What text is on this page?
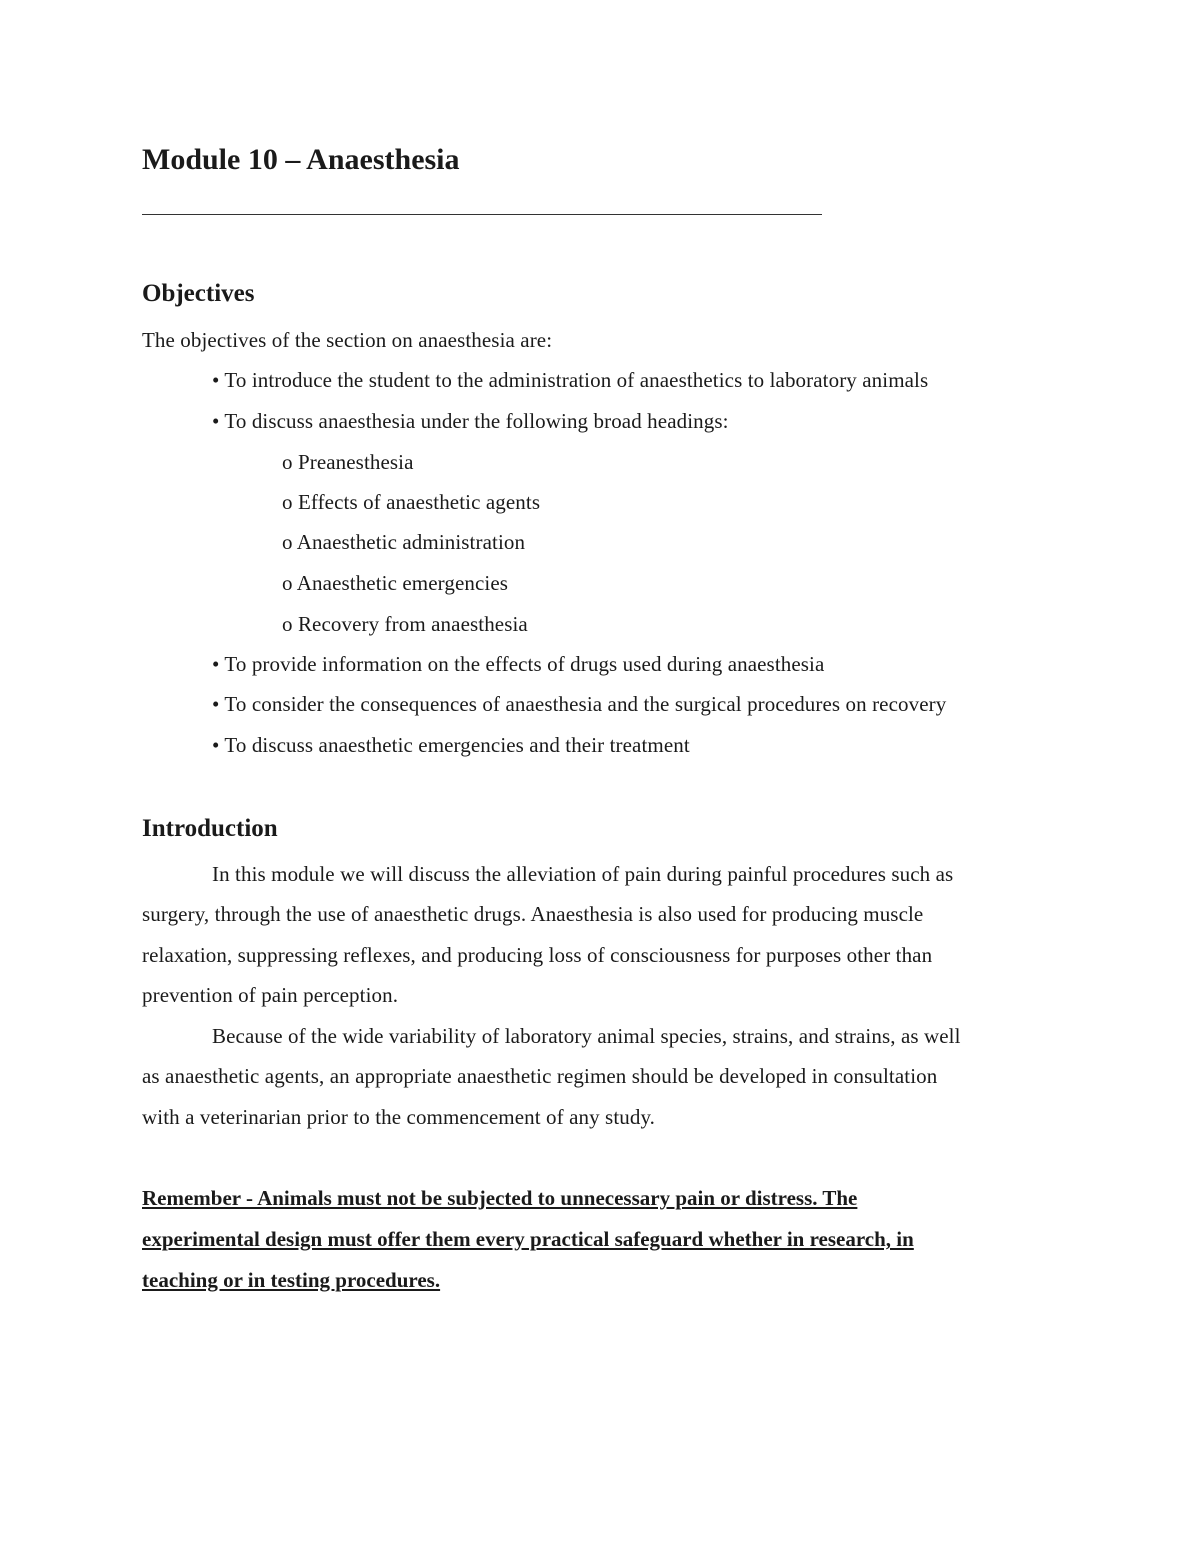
Module 10 – Anaesthesia
Objectives
The objectives of the section on anaesthesia are:
• To introduce the student to the administration of anaesthetics to laboratory animals
• To discuss anaesthesia under the following broad headings:
o Preanesthesia
o Effects of anaesthetic agents
o Anaesthetic administration
o Anaesthetic emergencies
o Recovery from anaesthesia
• To provide information on the effects of drugs used during anaesthesia
• To consider the consequences of anaesthesia and the surgical procedures on recovery
• To discuss anaesthetic emergencies and their treatment
Introduction
In this module we will discuss the alleviation of pain during painful procedures such as
surgery, through the use of anaesthetic drugs. Anaesthesia is also used for producing muscle
relaxation, suppressing reflexes, and producing loss of consciousness for purposes other than
prevention of pain perception.
Because of the wide variability of laboratory animal species, strains, and strains, as well
as anaesthetic agents, an appropriate anaesthetic regimen should be developed in consultation
with a veterinarian prior to the commencement of any study.
Remember - Animals must not be subjected to unnecessary pain or distress. The
experimental design must offer them every practical safeguard whether in research, in
teaching or in testing procedures.
